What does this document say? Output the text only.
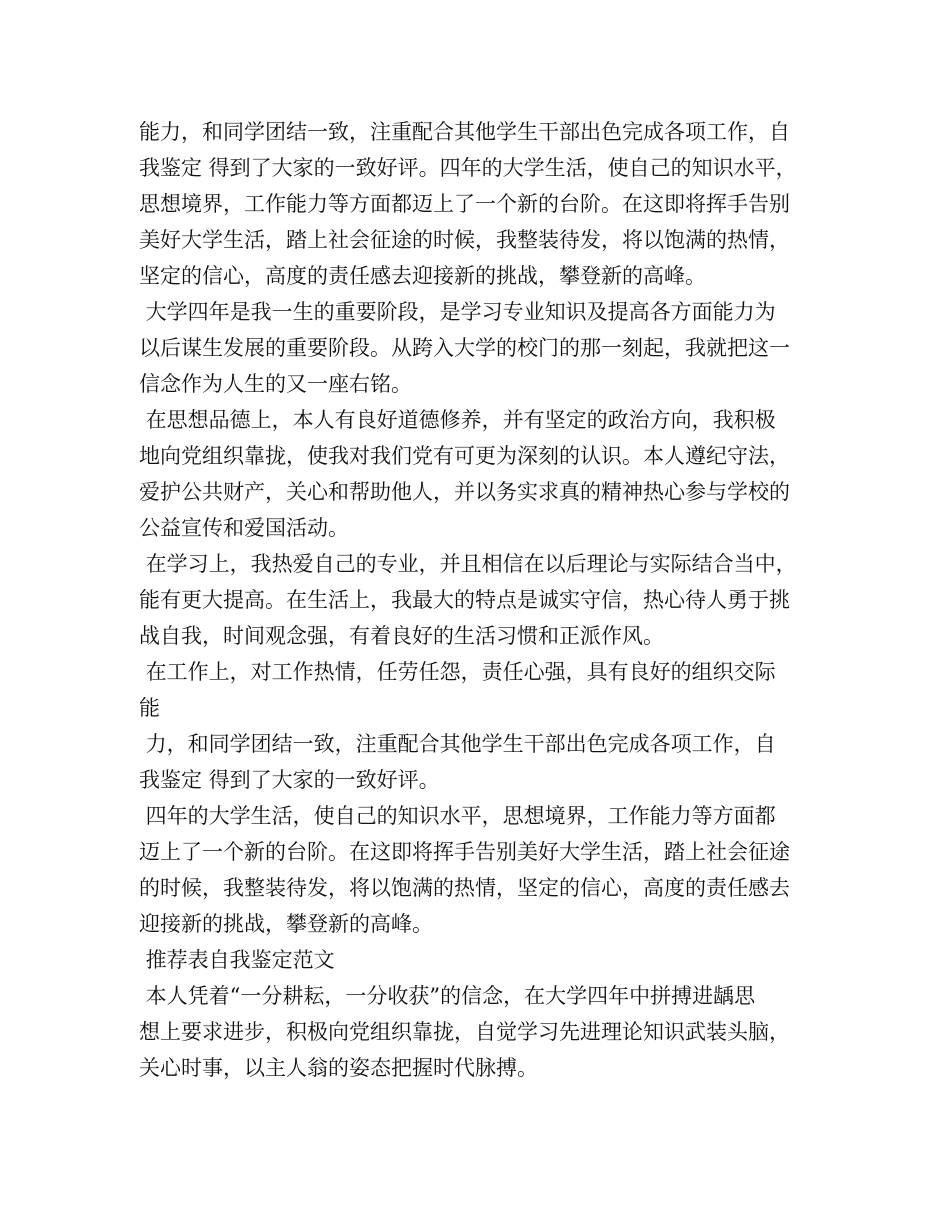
能力，和同学团结一致，注重配合其他学生干部出色完成各项工作，自
我鉴定 得到了大家的一致好评。四年的大学生活，使自己的知识水平，
思想境界，工作能力等方面都迈上了一个新的台阶。在这即将挥手告别
美好大学生活，踏上社会征途的时候，我整装待发，将以饱满的热情，
坚定的信心，高度的责任感去迎接新的挑战，攀登新的高峰。
大学四年是我一生的重要阶段，是学习专业知识及提高各方面能力为
以后谋生发展的重要阶段。从跨入大学的校门的那一刻起，我就把这一
信念作为人生的又一座右铭。
在思想品德上，本人有良好道德修养，并有坚定的政治方向，我积极
地向党组织靠拢，使我对我们党有可更为深刻的认识。本人遵纪守法，
爱护公共财产，关心和帮助他人，并以务实求真的精神热心参与学校的
公益宣传和爱国活动。
在学习上，我热爱自己的专业，并且相信在以后理论与实际结合当中，
能有更大提高。在生活上，我最大的特点是诚实守信，热心待人勇于挑
战自我，时间观念强，有着良好的生活习惯和正派作风。
在工作上，对工作热情，任劳任怨，责任心强，具有良好的组织交际
能
力，和同学团结一致，注重配合其他学生干部出色完成各项工作，自
我鉴定 得到了大家的一致好评。
四年的大学生活，使自己的知识水平，思想境界，工作能力等方面都
迈上了一个新的台阶。在这即将挥手告别美好大学生活，踏上社会征途
的时候，我整装待发，将以饱满的热情，坚定的信心，高度的责任感去
迎接新的挑战，攀登新的高峰。
推荐表自我鉴定范文
本人凭着“一分耕耘，一分收获”的信念，在大学四年中拼搏进龋思
想上要求进步，积极向党组织靠拢，自觉学习先进理论知识武装头脑，
关心时事，以主人翁的姿态把握时代脉搏。
